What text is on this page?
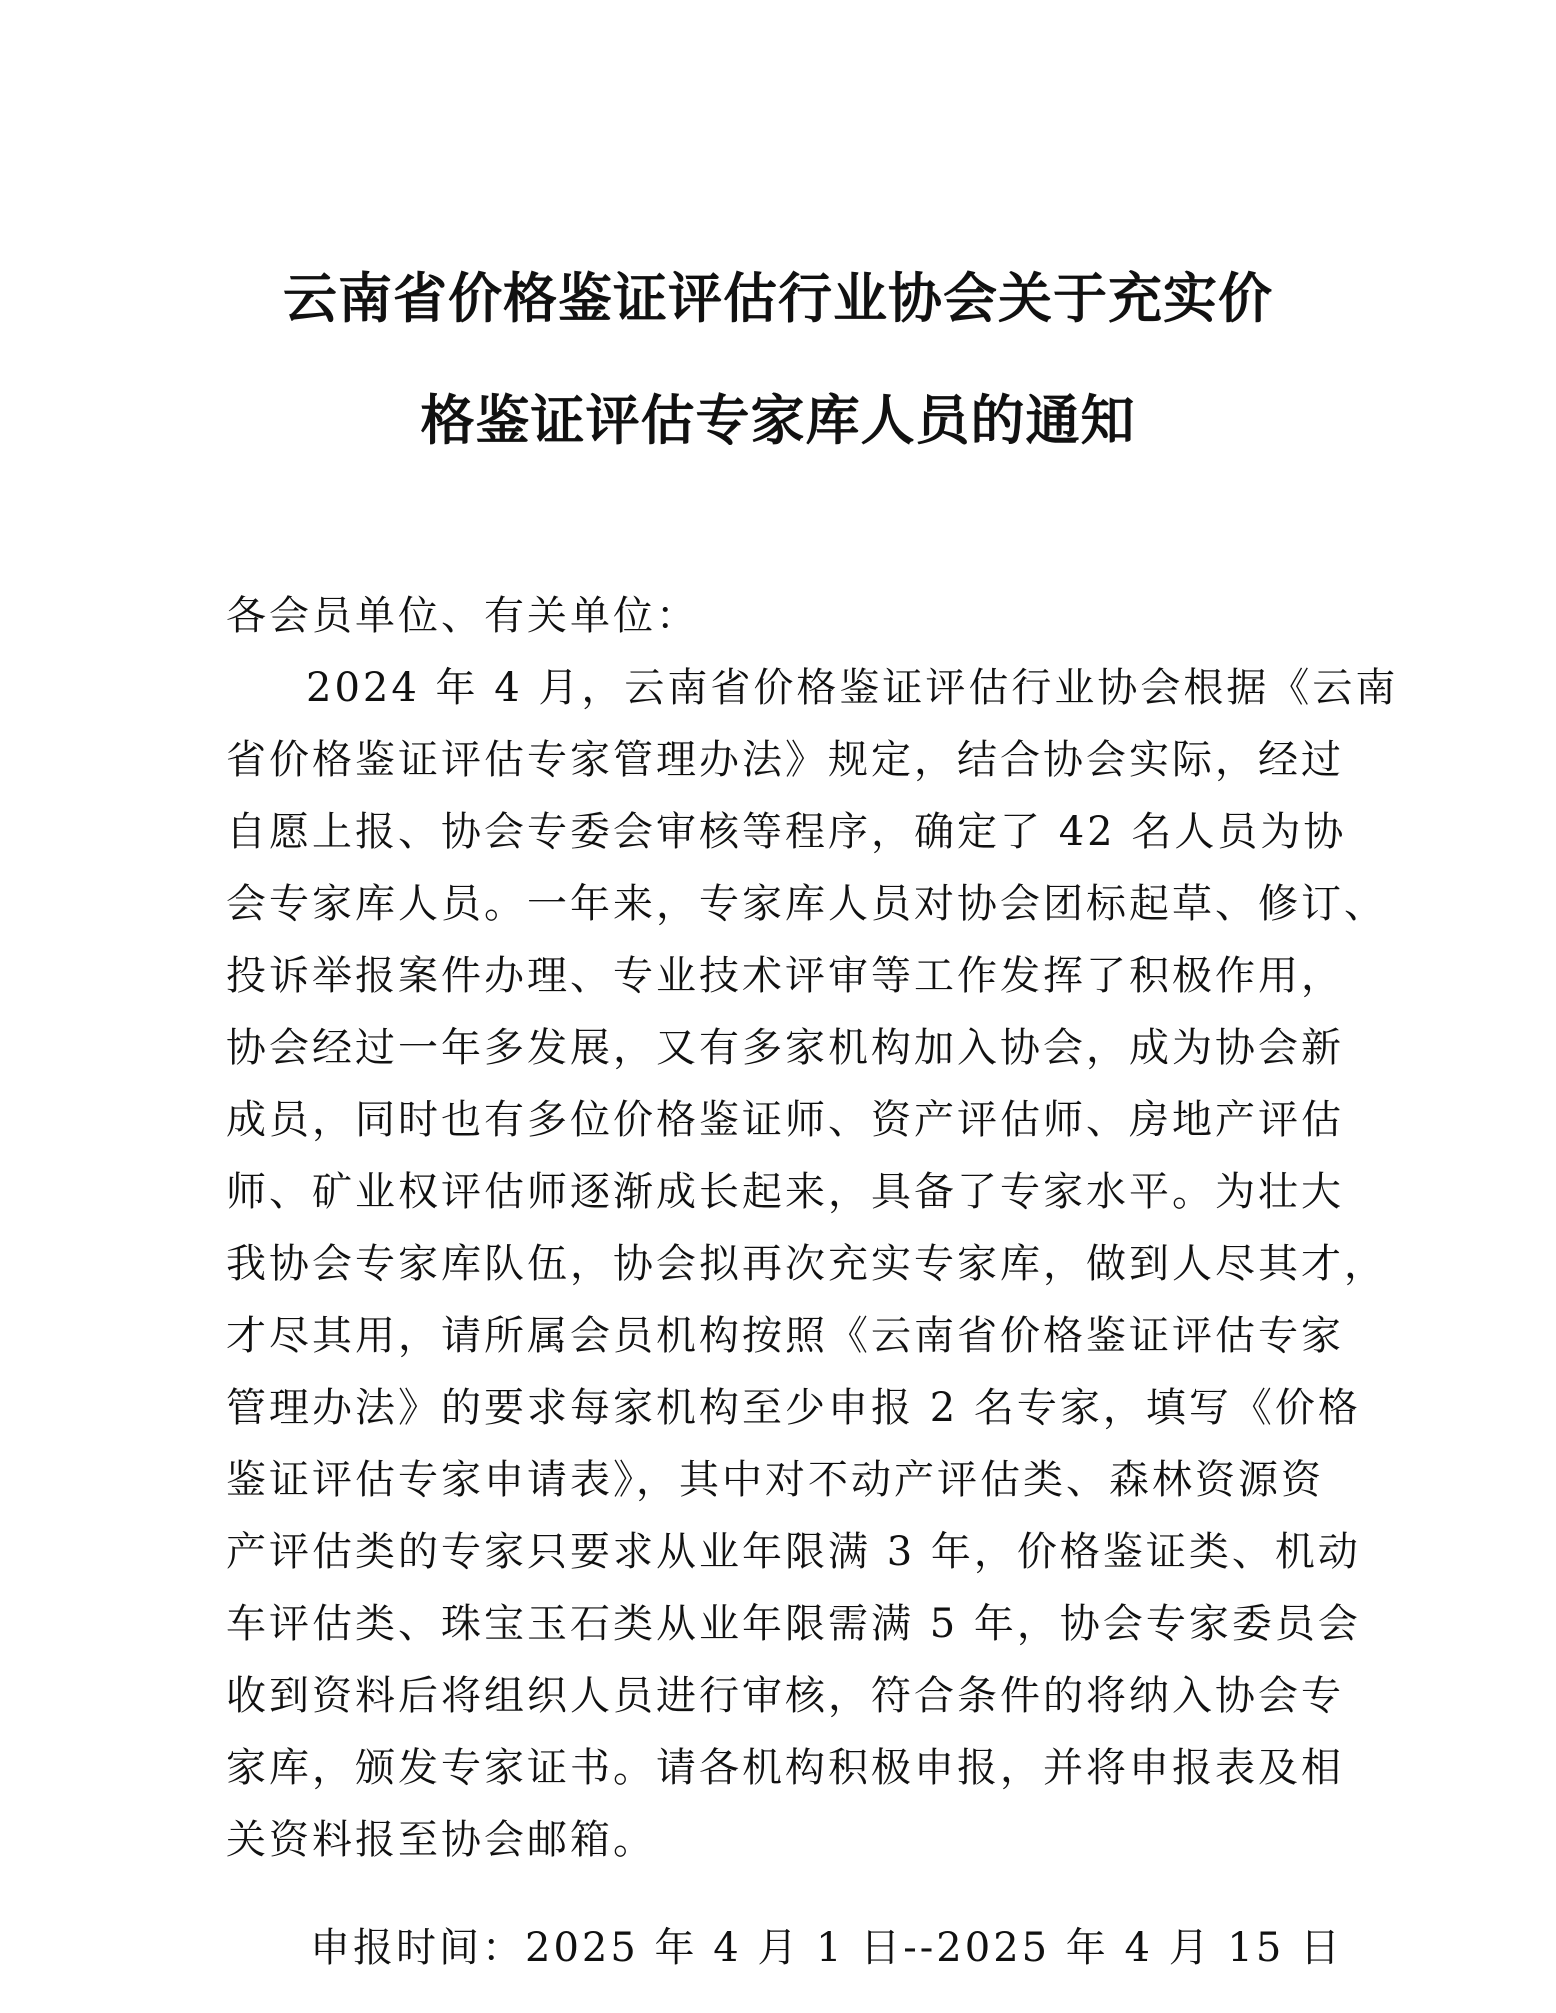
云南省价格鉴证评估行业协会关于充实价
格鉴证评估专家库人员的通知
各会员单位、有关单位：
2024 年 4 月，云南省价格鉴证评估行业协会根据《云南
省价格鉴证评估专家管理办法》规定，结合协会实际，经过
自愿上报、协会专委会审核等程序，确定了 42 名人员为协
会专家库人员。一年来，专家库人员对协会团标起草、修订、
投诉举报案件办理、专业技术评审等工作发挥了积极作用，
协会经过一年多发展，又有多家机构加入协会，成为协会新
成员，同时也有多位价格鉴证师、资产评估师、房地产评估
师、矿业权评估师逐渐成长起来，具备了专家水平。为壮大
我协会专家库队伍，协会拟再次充实专家库，做到人尽其才，
才尽其用，请所属会员机构按照《云南省价格鉴证评估专家
管理办法》的要求每家机构至少申报 2 名专家，填写《价格
鉴证评估专家申请表》，其中对不动产评估类、森林资源资
产评估类的专家只要求从业年限满 3 年，价格鉴证类、机动
车评估类、珠宝玉石类从业年限需满 5 年，协会专家委员会
收到资料后将组织人员进行审核，符合条件的将纳入协会专
家库，颁发专家证书。请各机构积极申报，并将申报表及相
关资料报至协会邮箱。
申报时间：2025 年 4 月 1 日--2025 年 4 月 15 日
